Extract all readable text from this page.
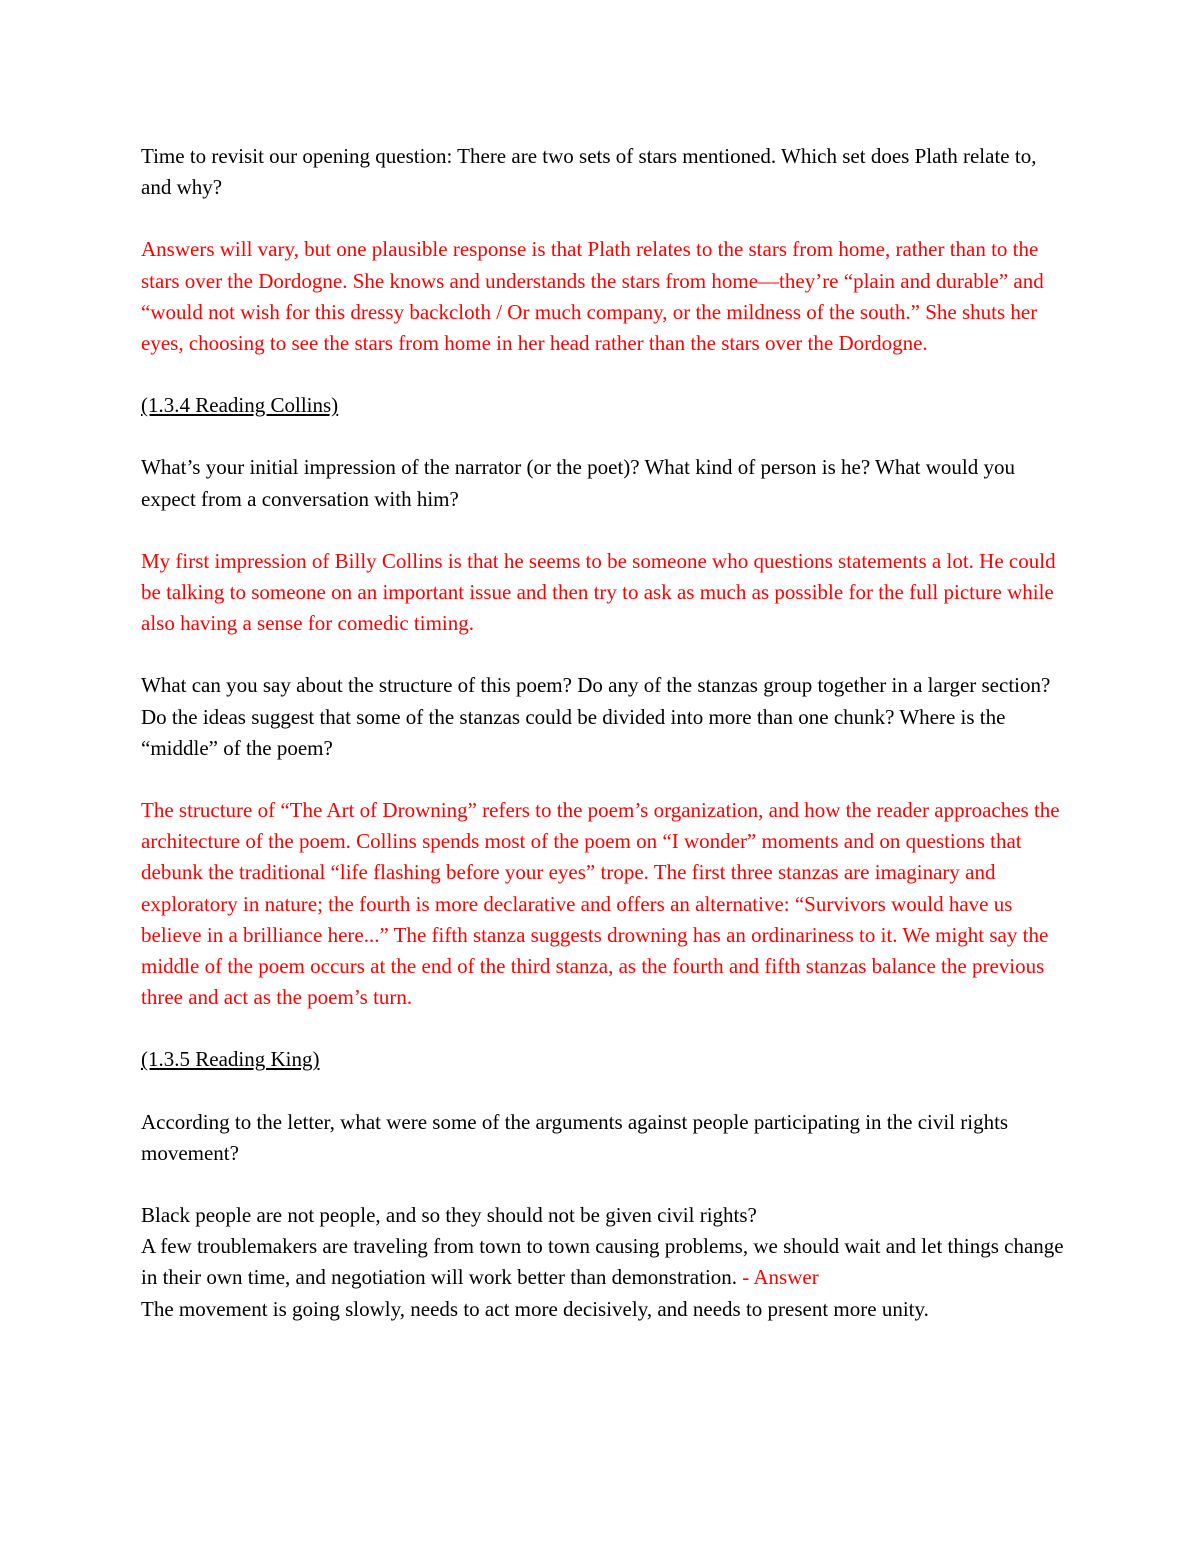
Time to revisit our opening question: There are two sets of stars mentioned. Which set does Plath relate to, and why?

Answers will vary, but one plausible response is that Plath relates to the stars from home, rather than to the stars over the Dordogne. She knows and understands the stars from home—they’re “plain and durable” and “would not wish for this dressy backcloth / Or much company, or the mildness of the south.” She shuts her eyes, choosing to see the stars from home in her head rather than the stars over the Dordogne.

(1.3.4 Reading Collins)

What’s your initial impression of the narrator (or the poet)? What kind of person is he? What would you expect from a conversation with him?

My first impression of Billy Collins is that he seems to be someone who questions statements a lot. He could be talking to someone on an important issue and then try to ask as much as possible for the full picture while also having a sense for comedic timing.

What can you say about the structure of this poem? Do any of the stanzas group together in a larger section? Do the ideas suggest that some of the stanzas could be divided into more than one chunk? Where is the “middle” of the poem?

The structure of “The Art of Drowning” refers to the poem’s organization, and how the reader approaches the architecture of the poem. Collins spends most of the poem on “I wonder” moments and on questions that debunk the traditional “life flashing before your eyes” trope. The first three stanzas are imaginary and exploratory in nature; the fourth is more declarative and offers an alternative: “Survivors would have us believe in a brilliance here...” The fifth stanza suggests drowning has an ordinariness to it. We might say the middle of the poem occurs at the end of the third stanza, as the fourth and fifth stanzas balance the previous three and act as the poem’s turn.

(1.3.5 Reading King)

According to the letter, what were some of the arguments against people participating in the civil rights movement?

Black people are not people, and so they should not be given civil rights?

A few troublemakers are traveling from town to town causing problems, we should wait and let things change in their own time, and negotiation will work better than demonstration. - Answer

The movement is going slowly, needs to act more decisively, and needs to present more unity.
